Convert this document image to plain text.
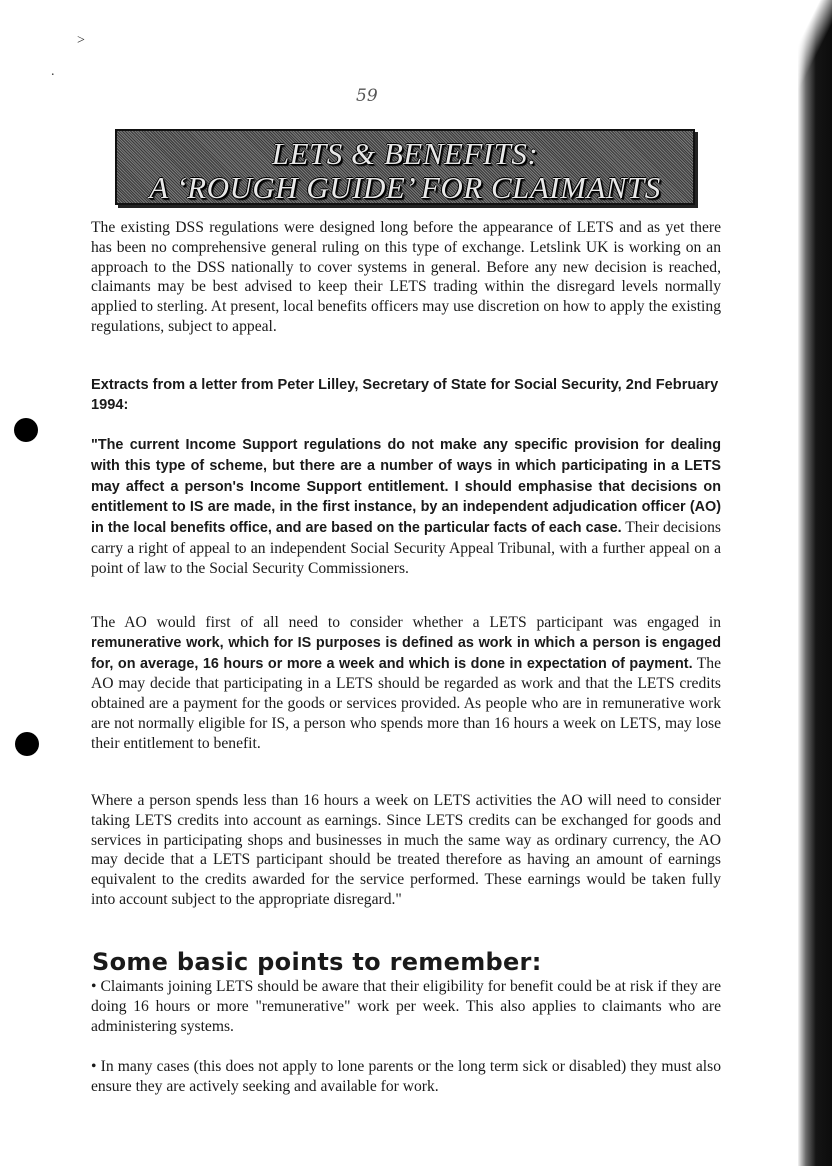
>
.
59
LETS & BENEFITS:
A ‘ROUGH GUIDE’ FOR CLAIMANTS

The existing DSS regulations were designed long before the appearance of LETS and as yet there has been no comprehensive general ruling on this type of exchange. Letslink UK is working on an approach to the DSS nationally to cover systems in general. Before any new decision is reached, claimants may be best advised to keep their LETS trading within the disregard levels normally applied to sterling. At present, local benefits officers may use discretion on how to apply the existing regulations, subject to appeal.

Extracts from a letter from Peter Lilley, Secretary of State for Social Security, 2nd February 1994:

"The current Income Support regulations do not make any specific provision for dealing with this type of scheme, but there are a number of ways in which participating in a LETS may affect a person's Income Support entitlement. I should emphasise that decisions on entitlement to IS are made, in the first instance, by an independent adjudication officer (AO) in the local benefits office, and are based on the particular facts of each case. Their decisions carry a right of appeal to an independent Social Security Appeal Tribunal, with a further appeal on a point of law to the Social Security Commissioners.

The AO would first of all need to consider whether a LETS participant was engaged in remunerative work, which for IS purposes is defined as work in which a person is engaged for, on average, 16 hours or more a week and which is done in expectation of payment. The AO may decide that participating in a LETS should be regarded as work and that the LETS credits obtained are a payment for the goods or services provided. As people who are in remunerative work are not normally eligible for IS, a person who spends more than 16 hours a week on LETS, may lose their entitlement to benefit.

Where a person spends less than 16 hours a week on LETS activities the AO will need to consider taking LETS credits into account as earnings. Since LETS credits can be exchanged for goods and services in participating shops and businesses in much the same way as ordinary currency, the AO may decide that a LETS participant should be treated therefore as having an amount of earnings equivalent to the credits awarded for the service performed. These earnings would be taken fully into account subject to the appropriate disregard."

Some basic points to remember:

• Claimants joining LETS should be aware that their eligibility for benefit could be at risk if they are doing 16 hours or more "remunerative" work per week. This also applies to claimants who are administering systems.

• In many cases (this does not apply to lone parents or the long term sick or disabled) they must also ensure they are actively seeking and available for work.
